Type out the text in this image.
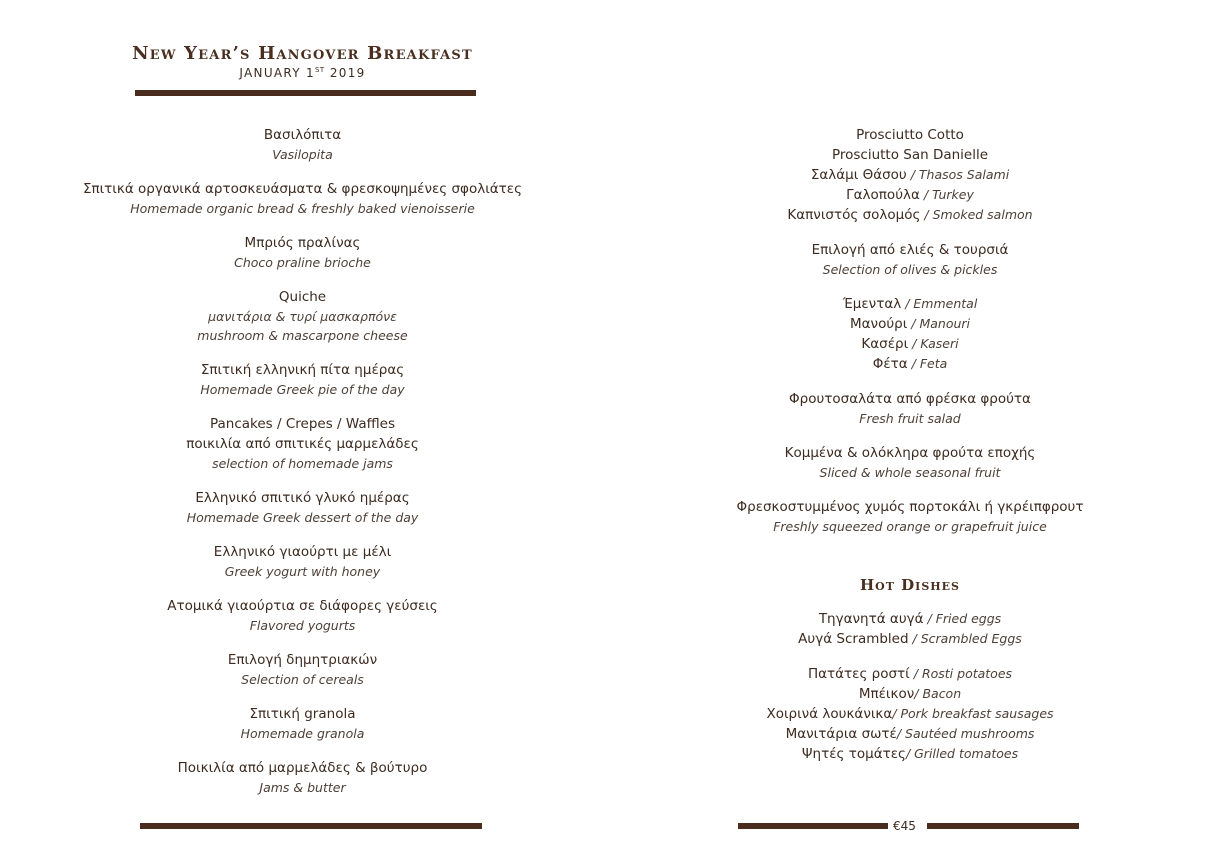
New Year’s Hangover Breakfast
JANUARY 1ST 2019
Βασιλόπιτα
Vasilopita
Σπιτικά οργανικά αρτοσκευάσματα & φρεσκοψημένες σφολιάτες
Homemade organic bread & freshly baked vienoisserie
Μπριός πραλίνας
Choco praline brioche
Quiche
μανιτάρια & τυρί μασκαρπόνε
mushroom & mascarpone cheese
Σπιτική ελληνική πίτα ημέρας
Homemade Greek pie of the day
Pancakes / Crepes / Waffles
ποικιλία από σπιτικές μαρμελάδες
selection of homemade jams
Ελληνικό σπιτικό γλυκό ημέρας
Homemade Greek dessert of the day
Ελληνικό γιαούρτι με μέλι
Greek yogurt with honey
Ατομικά γιαούρτια σε διάφορες γεύσεις
Flavored yogurts
Επιλογή δημητριακών
Selection of cereals
Σπιτική granola
Homemade granola
Ποικιλία από μαρμελάδες & βούτυρο
Jams & butter
Prosciutto Cotto
Prosciutto San Danielle
Σαλάμι Θάσου / Thasos Salami
Γαλοπούλα / Turkey
Καπνιστός σολομός / Smoked salmon
Επιλογή από ελιές & τουρσιά
Selection of olives & pickles
Έμενταλ / Emmental
Μανούρι / Manouri
Κασέρι / Kaseri
Φέτα / Feta
Φρουτοσαλάτα από φρέσκα φρούτα
Fresh fruit salad
Κομμένα & ολόκληρα φρούτα εποχής
Sliced & whole seasonal fruit
Φρεσκοστυμμένος χυμός πορτοκάλι ή γκρέιπφρουτ
Freshly squeezed orange or grapefruit juice
Hot Dishes
Τηγανητά αυγά / Fried eggs
Αυγά Scrambled / Scrambled Eggs
Πατάτες ροστί / Rosti potatoes
Μπέικον/ Bacon
Χοιρινά λουκάνικα/ Pork breakfast sausages
Μανιτάρια σωτέ/ Sautéed mushrooms
Ψητές τομάτες/ Grilled tomatoes
€45
